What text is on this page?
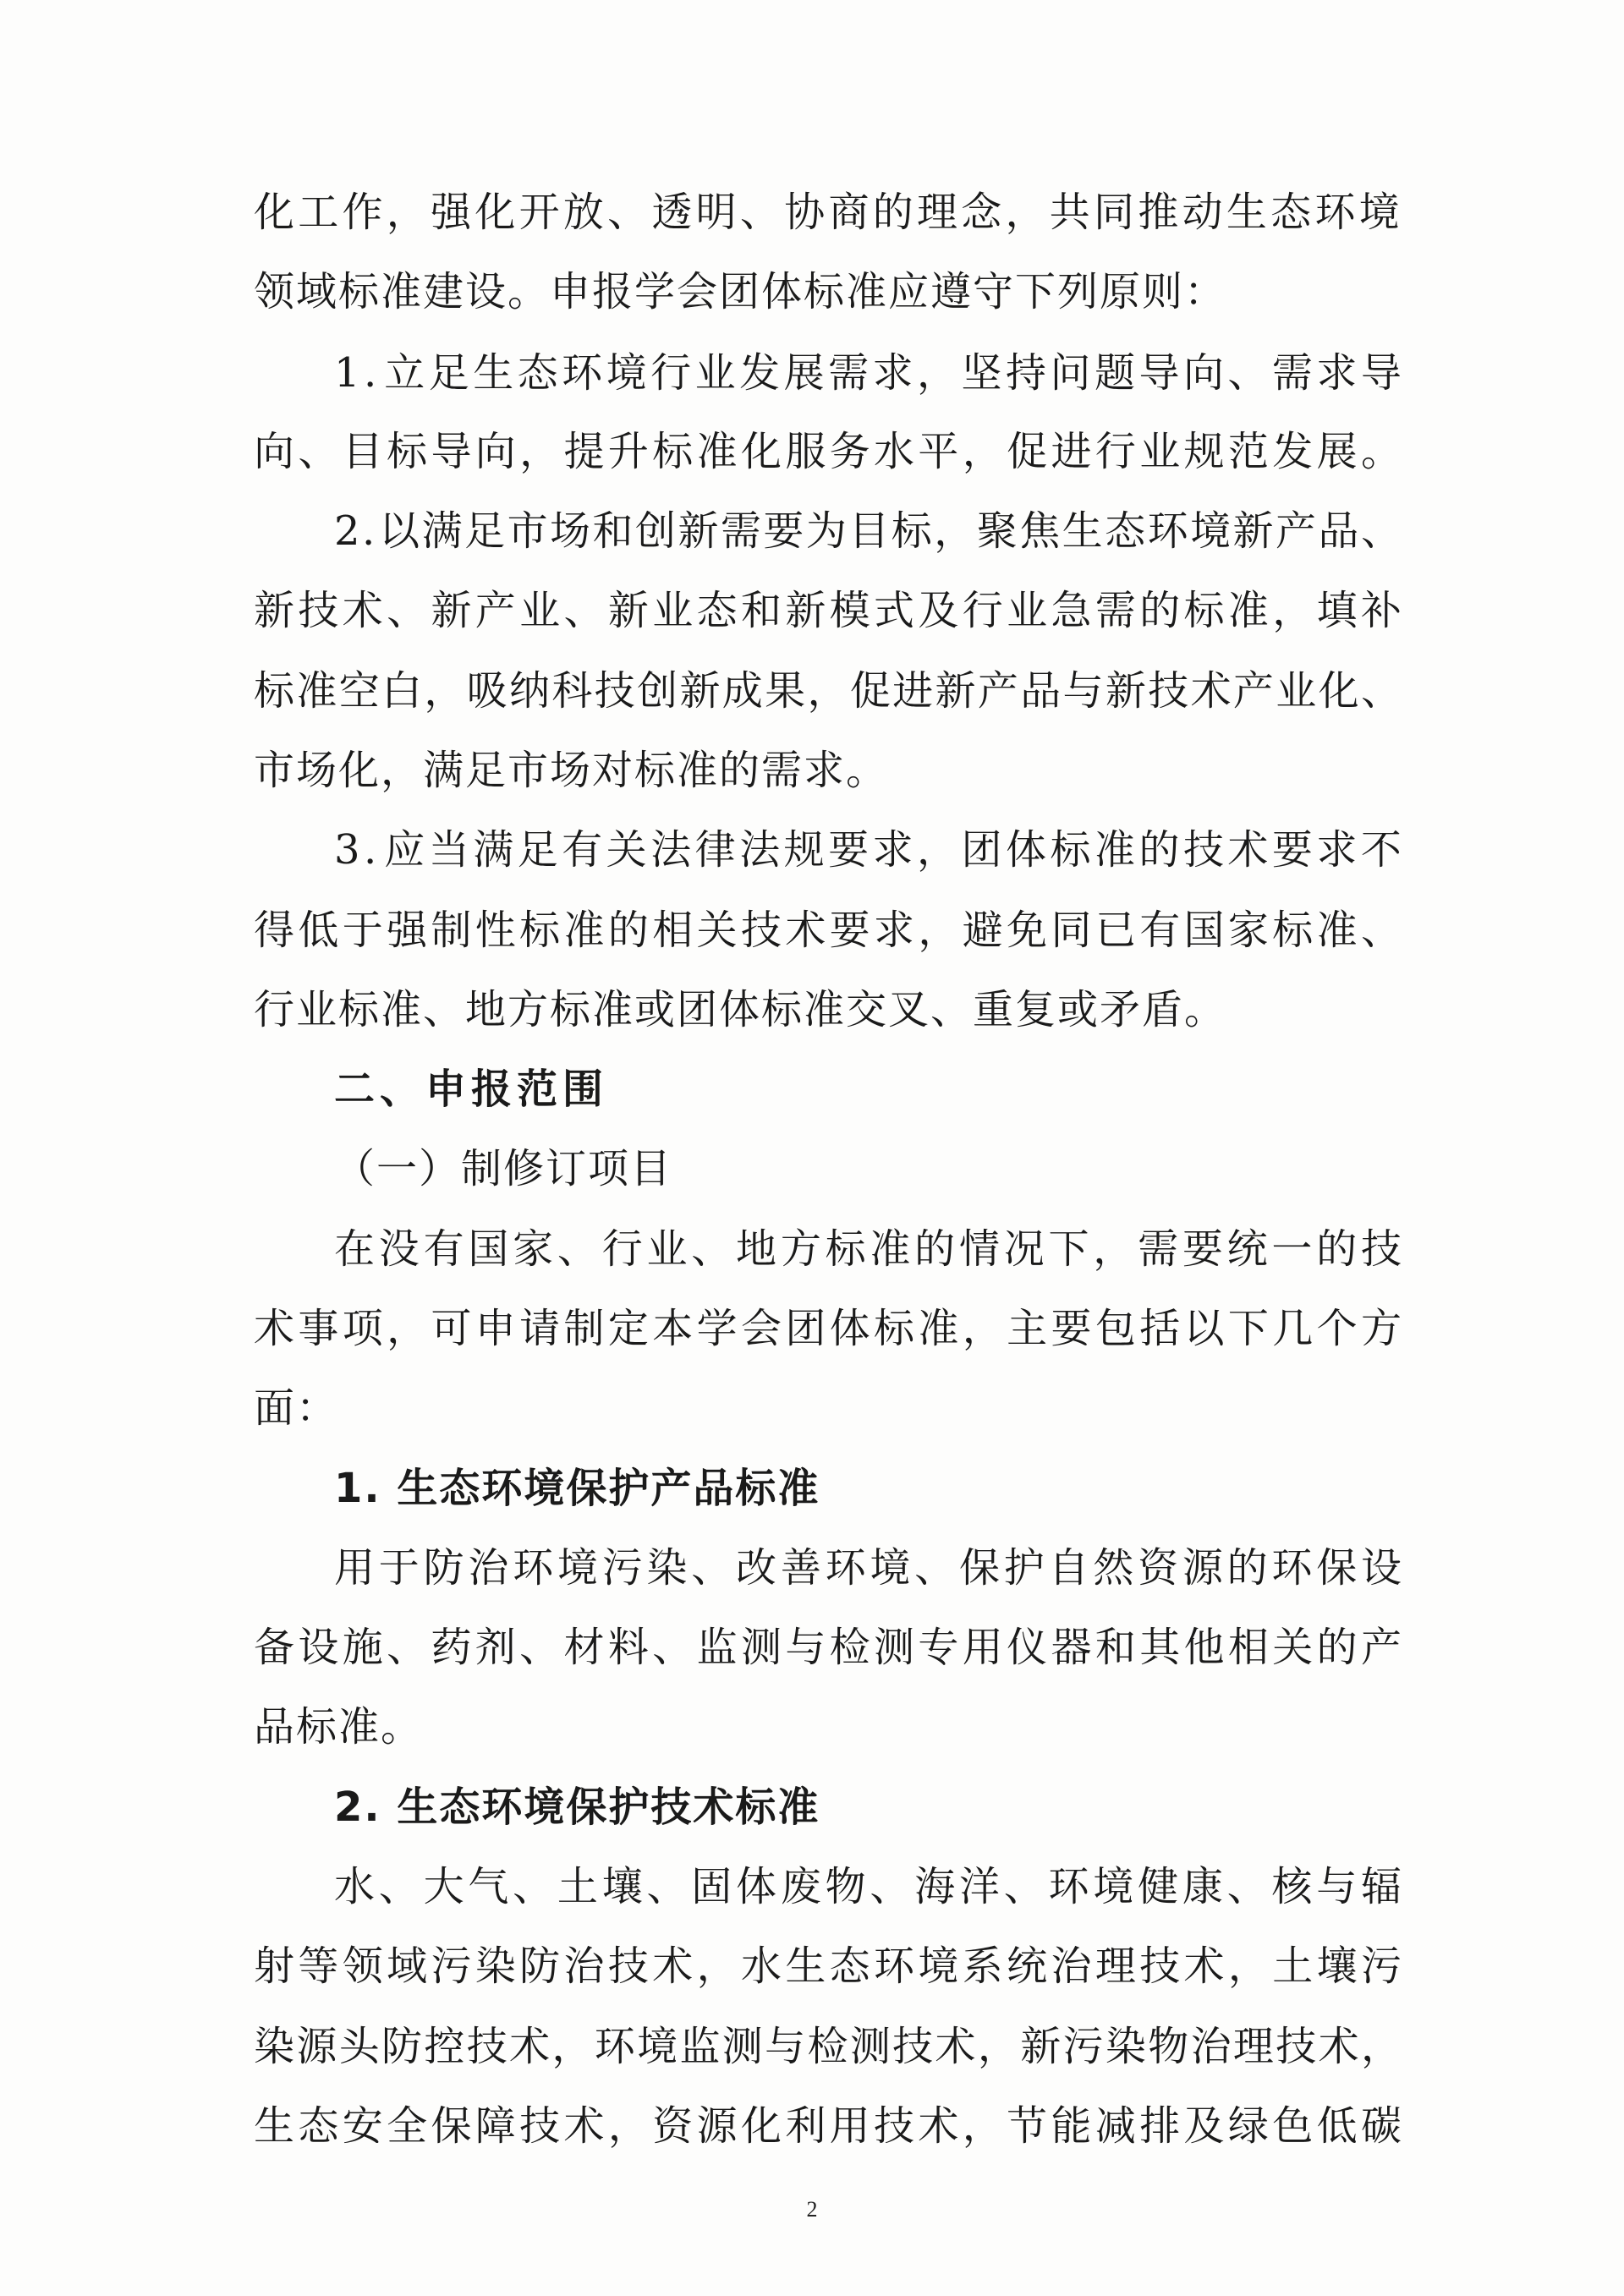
化 工 作 ， 强 化 开 放 、 透 明 、 协 商 的 理 念 ， 共 同 推 动 生 态 环 境
领域标准建设。申报学会团体标准应遵守下列原则：
1 . 立 足 生 态 环 境 行 业 发 展 需 求 ， 坚 持 问 题 导 向 、 需 求 导
向 、 目 标 导 向 ， 提 升 标 准 化 服 务 水 平 ， 促 进 行 业 规 范 发 展 。
2 . 以 满 足 市 场 和 创 新 需 要 为 目 标 ， 聚 焦 生 态 环 境 新 产 品 、
新 技 术 、 新 产 业 、 新 业 态 和 新 模 式 及 行 业 急 需 的 标 准 ， 填 补
标 准 空 白 ， 吸 纳 科 技 创 新 成 果 ， 促 进 新 产 品 与 新 技 术 产 业 化 、
市场化，满足市场对标准的需求。
3 . 应 当 满 足 有 关 法 律 法 规 要 求 ， 团 体 标 准 的 技 术 要 求 不
得 低 于 强 制 性 标 准 的 相 关 技 术 要 求 ， 避 免 同 已 有 国 家 标 准 、
行业标准、地方标准或团体标准交叉、重复或矛盾。
二、申报范围
（一）制修订项目
在 没 有 国 家 、 行 业 、 地 方 标 准 的 情 况 下 ， 需 要 统 一 的 技
术 事 项 ， 可 申 请 制 定 本 学 会 团 体 标 准 ， 主 要 包 括 以 下 几 个 方
面：
1. 生态环境保护产品标准
用 于 防 治 环 境 污 染 、 改 善 环 境 、 保 护 自 然 资 源 的 环 保 设
备 设 施 、 药 剂 、 材 料 、 监 测 与 检 测 专 用 仪 器 和 其 他 相 关 的 产
品标准。
2. 生态环境保护技术标准
水 、 大 气 、 土 壤 、 固 体 废 物 、 海 洋 、 环 境 健 康 、 核 与 辐
射 等 领 域 污 染 防 治 技 术 ， 水 生 态 环 境 系 统 治 理 技 术 ， 土 壤 污
染 源 头 防 控 技 术 ， 环 境 监 测 与 检 测 技 术 ， 新 污 染 物 治 理 技 术 ，
生 态 安 全 保 障 技 术 ， 资 源 化 利 用 技 术 ， 节 能 减 排 及 绿 色 低 碳
2
